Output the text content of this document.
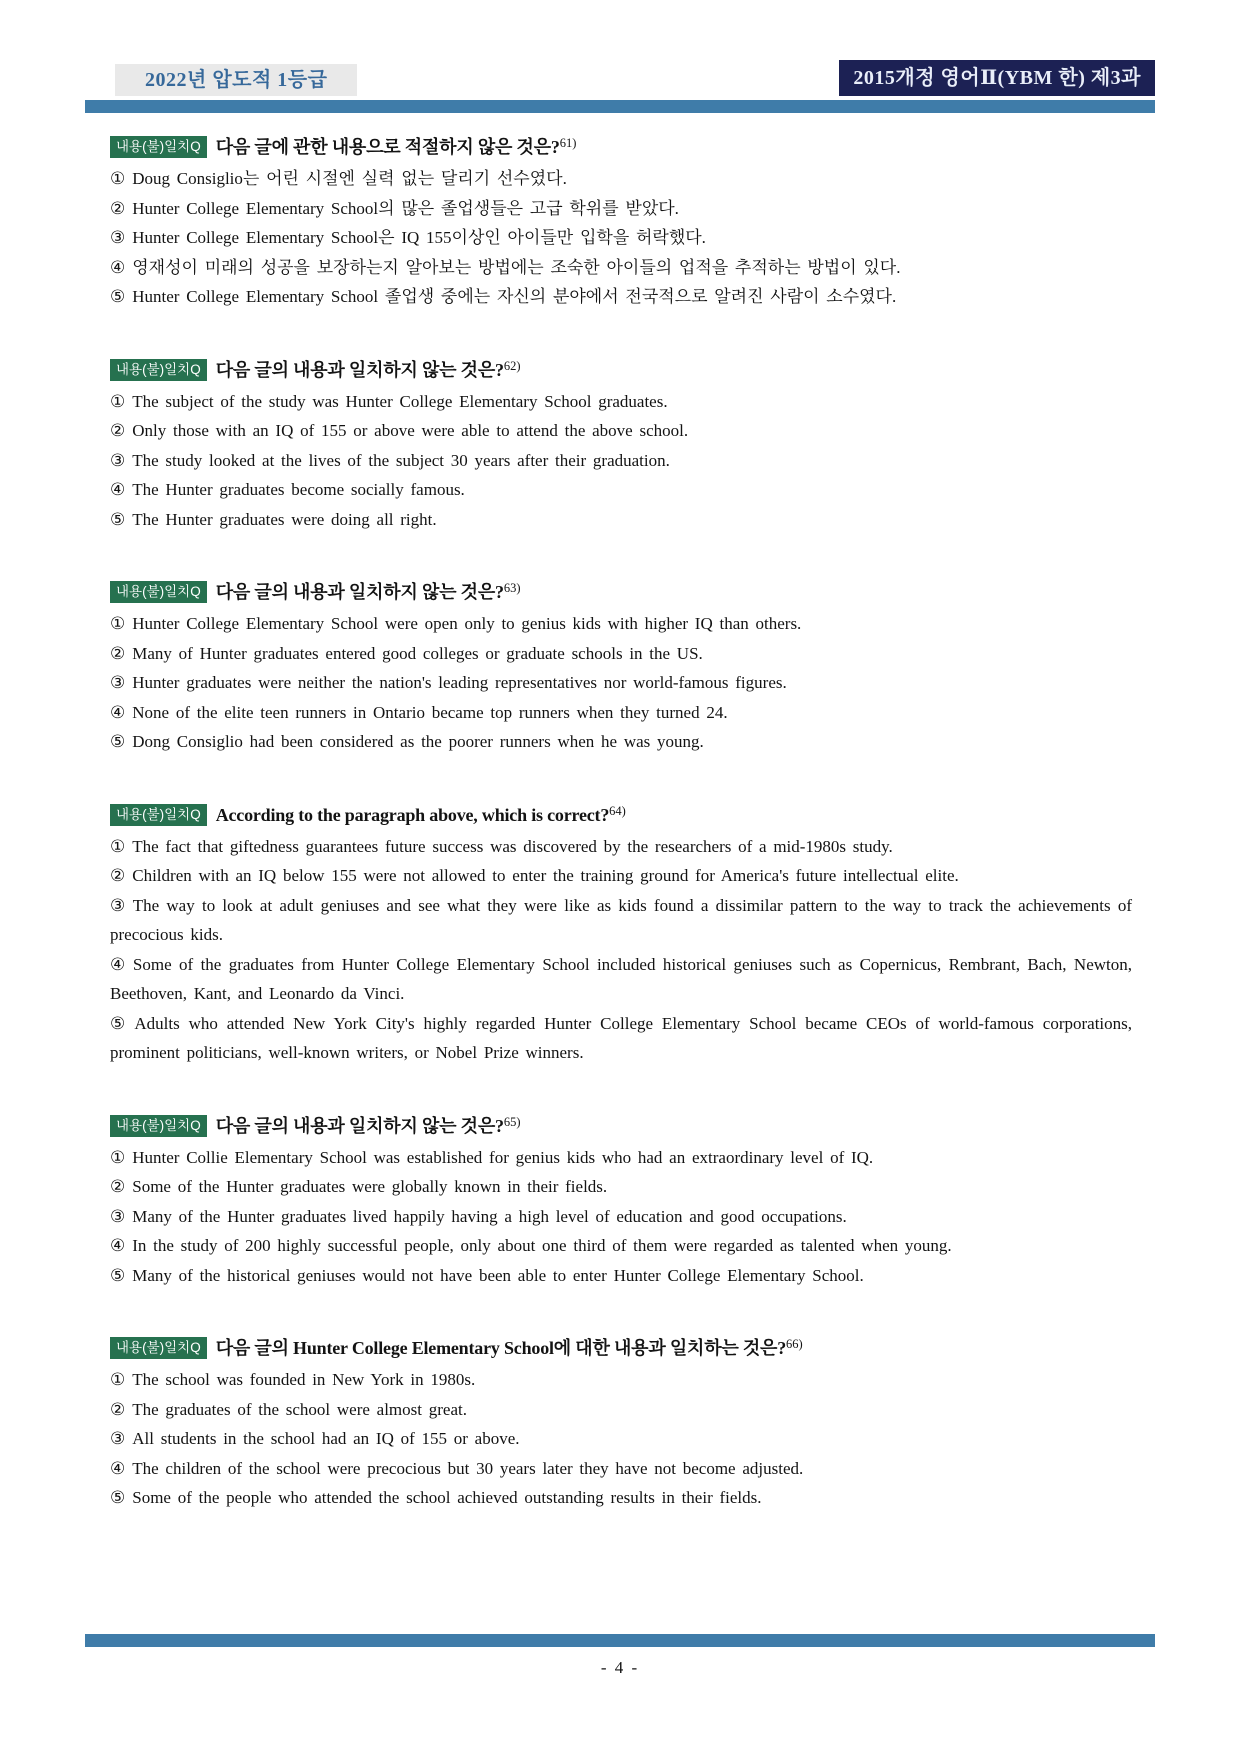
2022년 압도적 1등급	2015개정 영어Ⅱ(YBM 한) 제3과
내용(불)일치Q 다음 글에 관한 내용으로 적절하지 않은 것은?$^{61)}$

① Doug Consiglio는 어린 시절엔 실력 없는 달리기 선수였다.

② Hunter College Elementary School의 많은 졸업생들은 고급 학위를 받았다.

③ Hunter College Elementary School은 IQ 155이상인 아이들만 입학을 허락했다.

④ 영재성이 미래의 성공을 보장하는지 알아보는 방법에는 조숙한 아이들의 업적을 추적하는 방법이 있다.

⑤ Hunter College Elementary School 졸업생 중에는 자신의 분야에서 전국적으로 알려진 사람이 소수였다.

내용(불)일치Q 다음 글의 내용과 일치하지 않는 것은?$^{62)}$

① The subject of the study was Hunter College Elementary School graduates.

② Only those with an IQ of 155 or above were able to attend the above school.

③ The study looked at the lives of the subject 30 years after their graduation.

④ The Hunter graduates become socially famous.

⑤ The Hunter graduates were doing all right.

내용(불)일치Q 다음 글의 내용과 일치하지 않는 것은?$^{63)}$

① Hunter College Elementary School were open only to genius kids with higher IQ than others.

② Many of Hunter graduates entered good colleges or graduate schools in the US.

③ Hunter graduates were neither the nation's leading representatives nor world-famous figures.

④ None of the elite teen runners in Ontario became top runners when they turned 24.

⑤ Dong Consiglio had been considered as the poorer runners when he was young.

내용(불)일치Q According to the paragraph above, which is correct?$^{64)}$

① The fact that giftedness guarantees future success was discovered by the researchers of a mid-1980s study.

② Children with an IQ below 155 were not allowed to enter the training ground for America's future intellectual elite.

③ The way to look at adult geniuses and see what they were like as kids found a dissimilar pattern to the way to track the achievements of precocious kids.

④ Some of the graduates from Hunter College Elementary School included historical geniuses such as Copernicus, Rembrant, Bach, Newton, Beethoven, Kant, and Leonardo da Vinci.

⑤ Adults who attended New York City's highly regarded Hunter College Elementary School became CEOs of world-famous corporations, prominent politicians, well-known writers, or Nobel Prize winners.

내용(불)일치Q 다음 글의 내용과 일치하지 않는 것은?$^{65)}$

① Hunter Collie Elementary School was established for genius kids who had an extraordinary level of IQ.

② Some of the Hunter graduates were globally known in their fields.

③ Many of the Hunter graduates lived happily having a high level of education and good occupations.

④ In the study of 200 highly successful people, only about one third of them were regarded as talented when young.

⑤ Many of the historical geniuses would not have been able to enter Hunter College Elementary School.

내용(불)일치Q 다음 글의 Hunter College Elementary School에 대한 내용과 일치하는 것은?$^{66)}$

① The school was founded in New York in 1980s.

② The graduates of the school were almost great.

③ All students in the school had an IQ of 155 or above.

④ The children of the school were precocious but 30 years later they have not become adjusted.

⑤ Some of the people who attended the school achieved outstanding results in their fields.

- 4 -
